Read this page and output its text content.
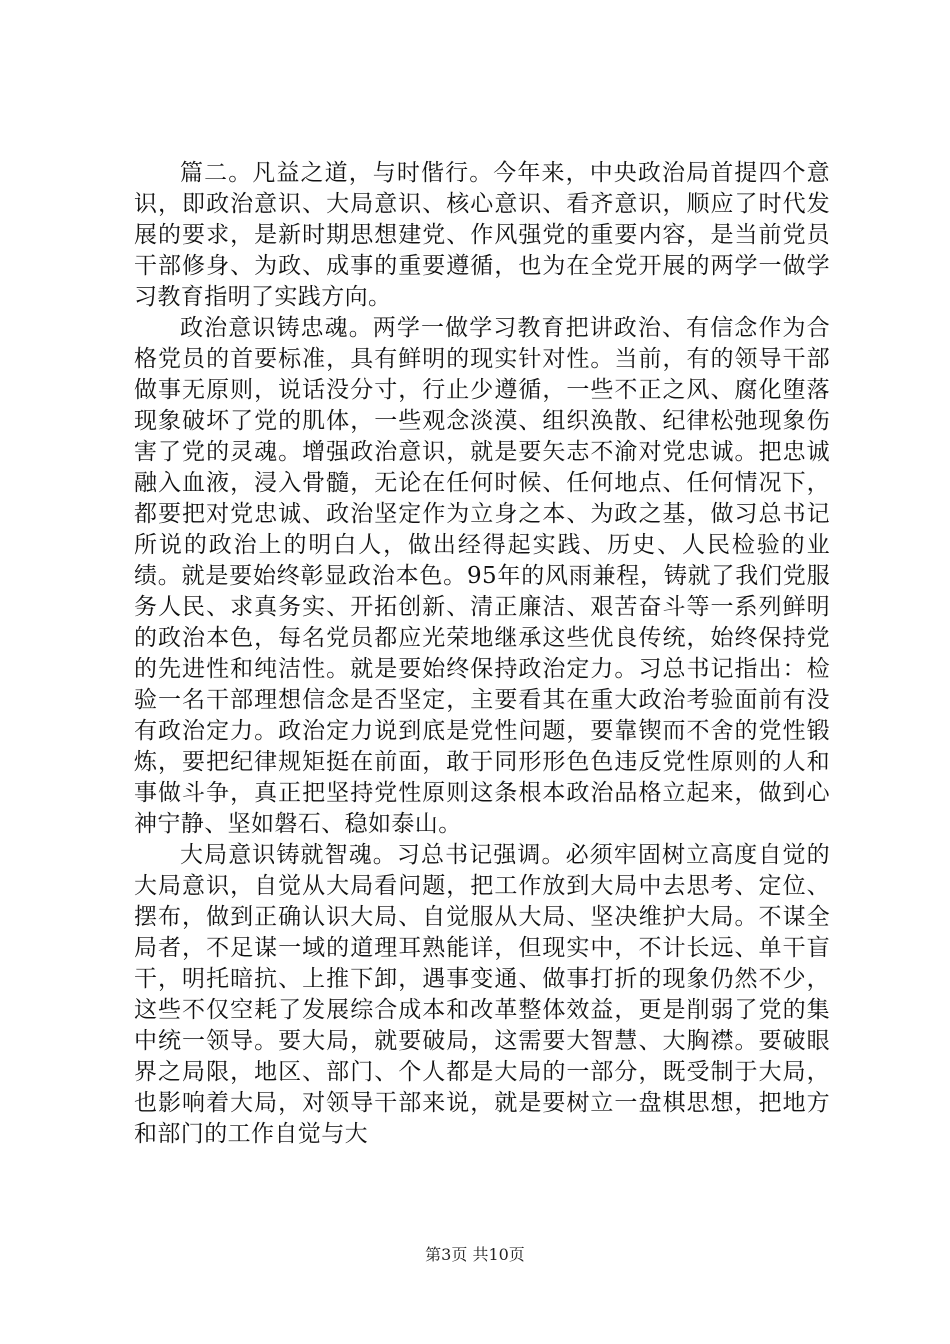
篇二。凡益之道，与时偕行。今年来，中央政治局首提四个意识，即政治意识、大局意识、核心意识、看齐意识，顺应了时代发展的要求，是新时期思想建党、作风强党的重要内容，是当前党员干部修身、为政、成事的重要遵循，也为在全党开展的两学一做学习教育指明了实践方向。

政治意识铸忠魂。两学一做学习教育把讲政治、有信念作为合格党员的首要标准，具有鲜明的现实针对性。当前，有的领导干部做事无原则，说话没分寸，行止少遵循，一些不正之风、腐化堕落现象破坏了党的肌体，一些观念淡漠、组织涣散、纪律松弛现象伤害了党的灵魂。增强政治意识，就是要矢志不渝对党忠诚。把忠诚融入血液，浸入骨髓，无论在任何时候、任何地点、任何情况下，都要把对党忠诚、政治坚定作为立身之本、为政之基，做习总书记所说的政治上的明白人，做出经得起实践、历史、人民检验的业绩。就是要始终彰显政治本色。95年的风雨兼程，铸就了我们党服务人民、求真务实、开拓创新、清正廉洁、艰苦奋斗等一系列鲜明的政治本色，每名党员都应光荣地继承这些优良传统，始终保持党的先进性和纯洁性。就是要始终保持政治定力。习总书记指出：检验一名干部理想信念是否坚定，主要看其在重大政治考验面前有没有政治定力。政治定力说到底是党性问题，要靠锲而不舍的党性锻炼，要把纪律规矩挺在前面，敢于同形形色色违反党性原则的人和事做斗争，真正把坚持党性原则这条根本政治品格立起来，做到心神宁静、坚如磐石、稳如泰山。

大局意识铸就智魂。习总书记强调。必须牢固树立高度自觉的大局意识，自觉从大局看问题，把工作放到大局中去思考、定位、摆布，做到正确认识大局、自觉服从大局、坚决维护大局。不谋全局者，不足谋一域的道理耳熟能详，但现实中，不计长远、单干盲干，明托暗抗、上推下卸，遇事变通、做事打折的现象仍然不少，这些不仅空耗了发展综合成本和改革整体效益，更是削弱了党的集中统一领导。要大局，就要破局，这需要大智慧、大胸襟。要破眼界之局限，地区、部门、个人都是大局的一部分，既受制于大局，也影响着大局，对领导干部来说，就是要树立一盘棋思想，把地方和部门的工作自觉与大

第3页 共10页
